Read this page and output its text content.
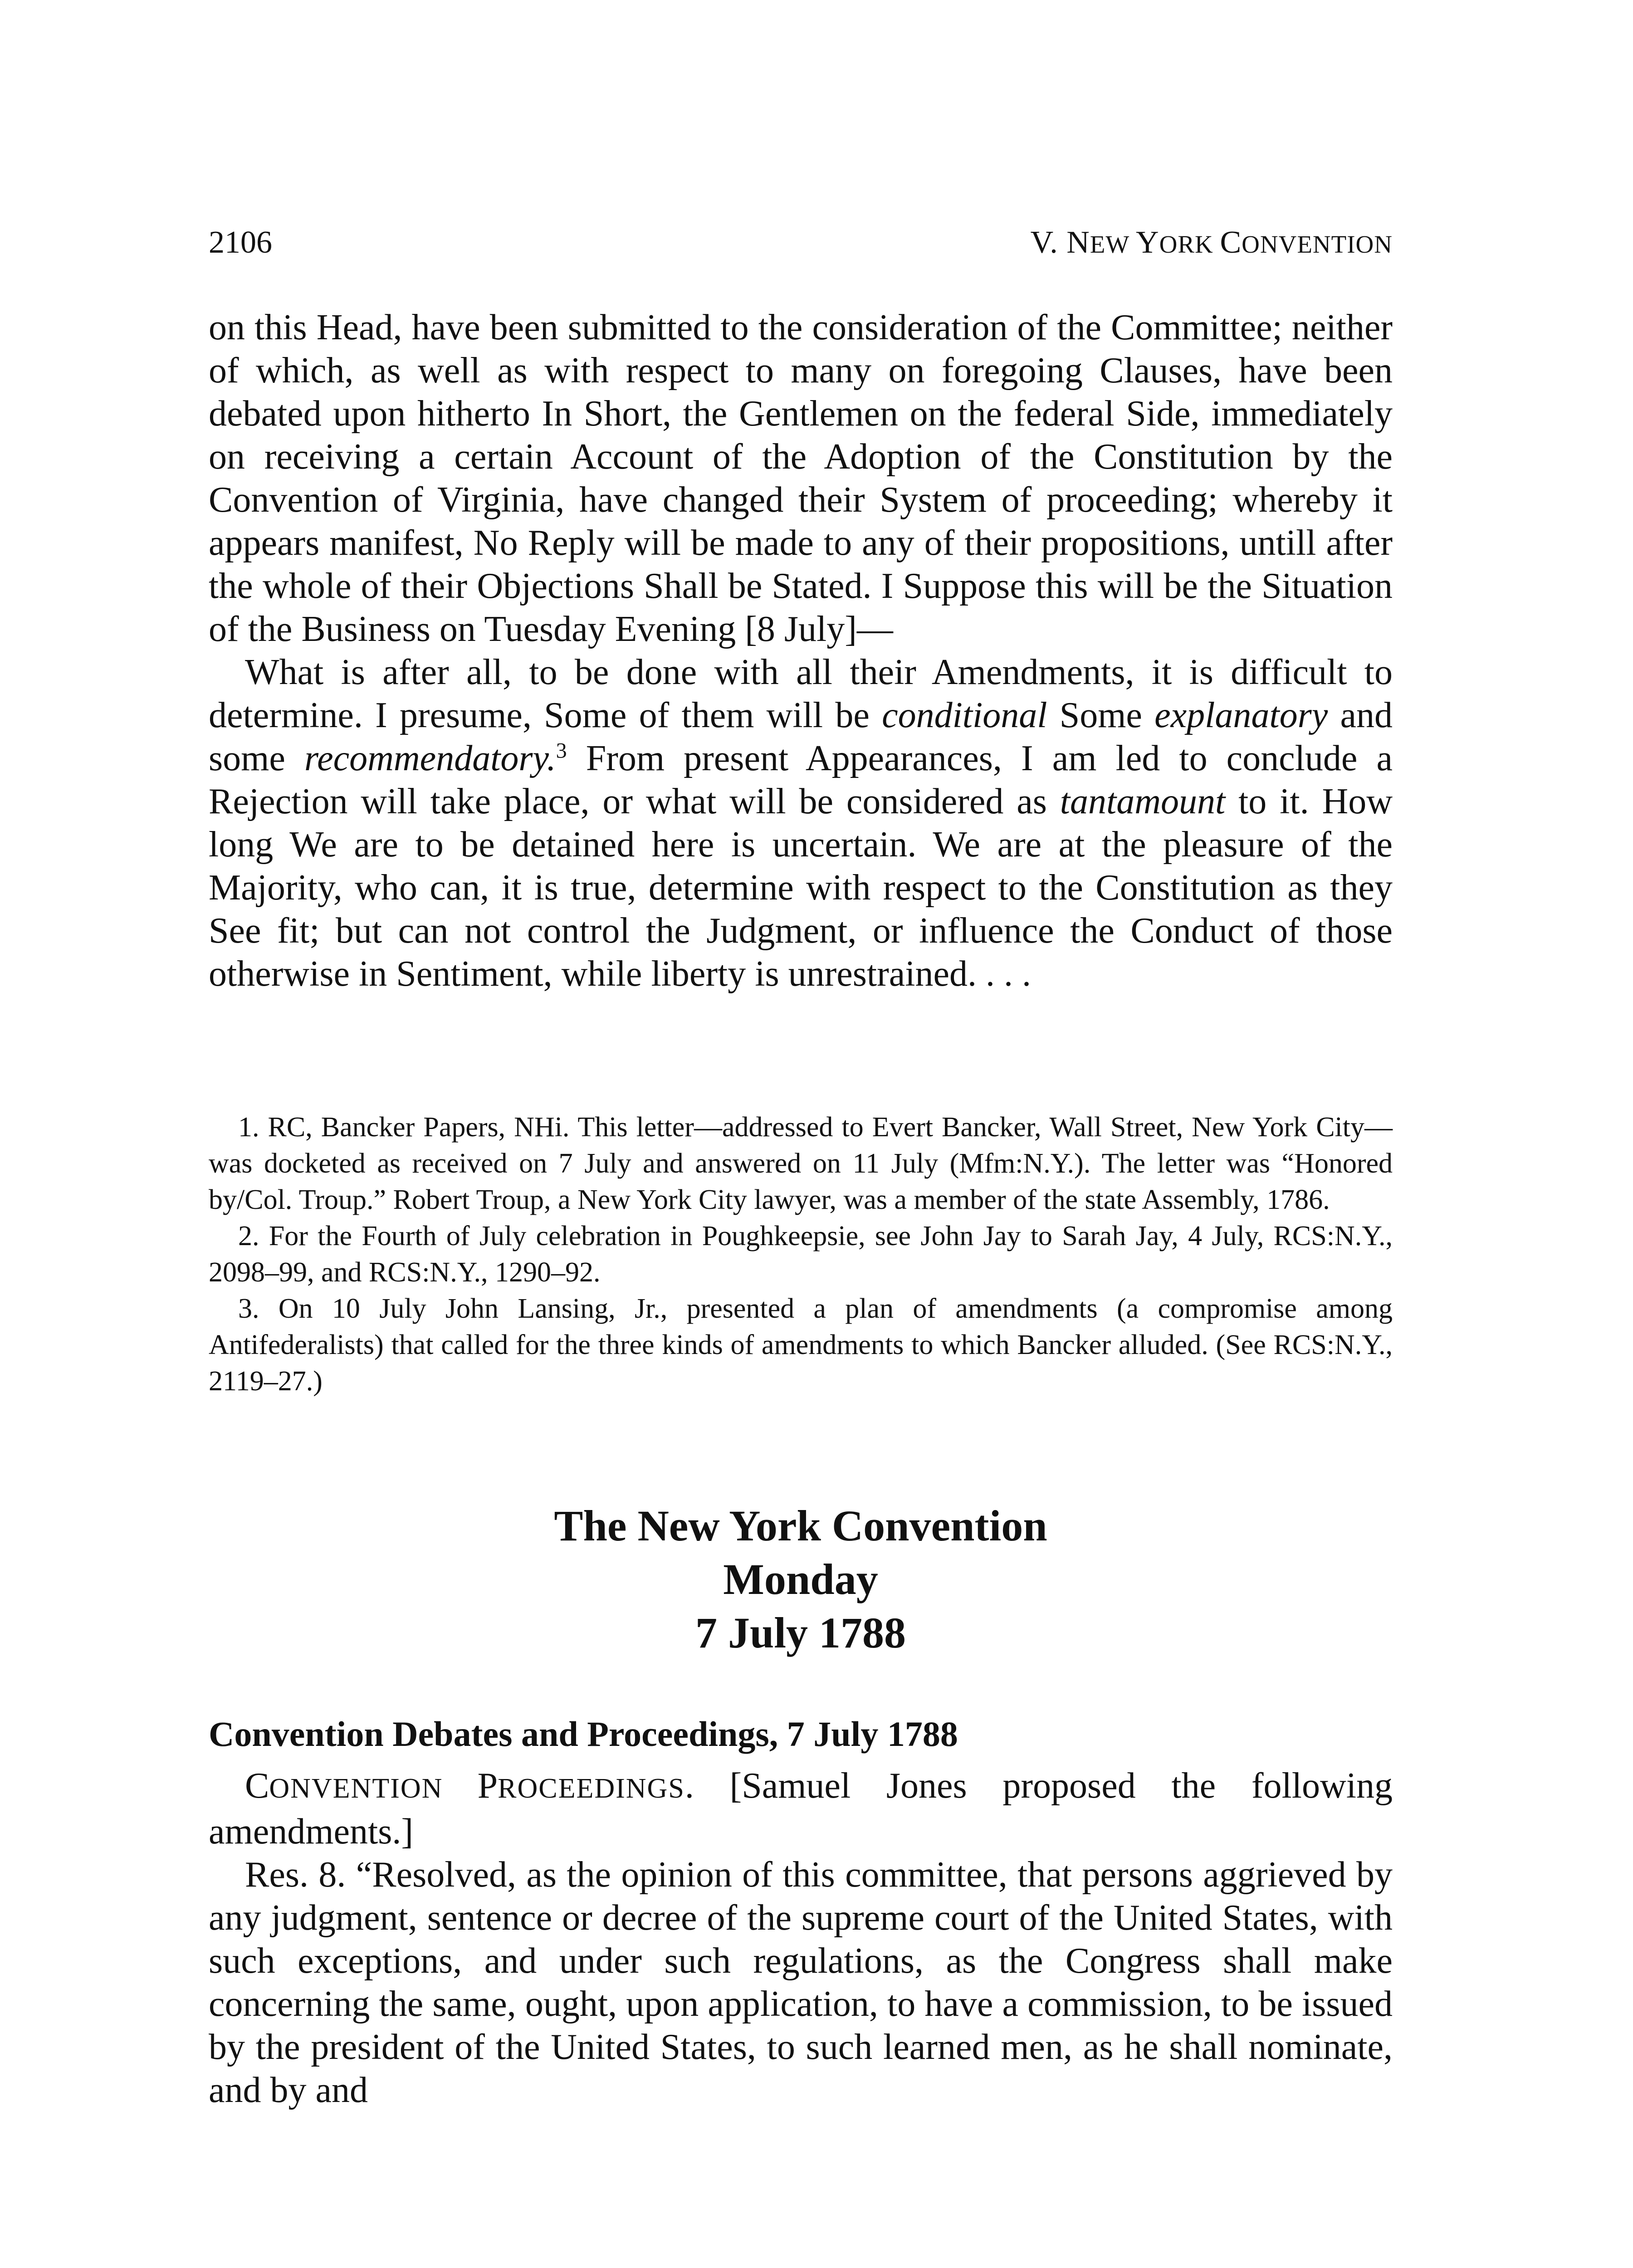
2106	V. NEW YORK CONVENTION

on this Head, have been submitted to the consideration of the Committee; neither of which, as well as with respect to many on foregoing Clauses, have been debated upon hitherto In Short, the Gentlemen on the federal Side, immediately on receiving a certain Account of the Adoption of the Constitution by the Convention of Virginia, have changed their System of proceeding; whereby it appears manifest, No Reply will be made to any of their propositions, untill after the whole of their Objections Shall be Stated. I Suppose this will be the Situation of the Business on Tuesday Evening [8 July]—

What is after all, to be done with all their Amendments, it is difficult to determine. I presume, Some of them will be conditional Some explanatory and some recommendatory.$^3$ From present Appearances, I am led to conclude a Rejection will take place, or what will be considered as tantamount to it. How long We are to be detained here is uncertain. We are at the pleasure of the Majority, who can, it is true, determine with respect to the Constitution as they See fit; but can not control the Judgment, or influence the Conduct of those otherwise in Sentiment, while liberty is unrestrained. . . .

1. RC, Bancker Papers, NHi. This letter—addressed to Evert Bancker, Wall Street, New York City—was docketed as received on 7 July and answered on 11 July (Mfm:N.Y.). The letter was “Honored by/Col. Troup.” Robert Troup, a New York City lawyer, was a member of the state Assembly, 1786.

2. For the Fourth of July celebration in Poughkeepsie, see John Jay to Sarah Jay, 4 July, RCS:N.Y., 2098–99, and RCS:N.Y., 1290–92.

3. On 10 July John Lansing, Jr., presented a plan of amendments (a compromise among Antifederalists) that called for the three kinds of amendments to which Bancker alluded. (See RCS:N.Y., 2119–27.)

The New York Convention
Monday
7 July 1788
Convention Debates and Proceedings, 7 July 1788

CONVENTION PROCEEDINGS. [Samuel Jones proposed the following amendments.]

Res. 8. “Resolved, as the opinion of this committee, that persons aggrieved by any judgment, sentence or decree of the supreme court of the United States, with such exceptions, and under such regulations, as the Congress shall make concerning the same, ought, upon application, to have a commission, to be issued by the president of the United States, to such learned men, as he shall nominate, and by and
